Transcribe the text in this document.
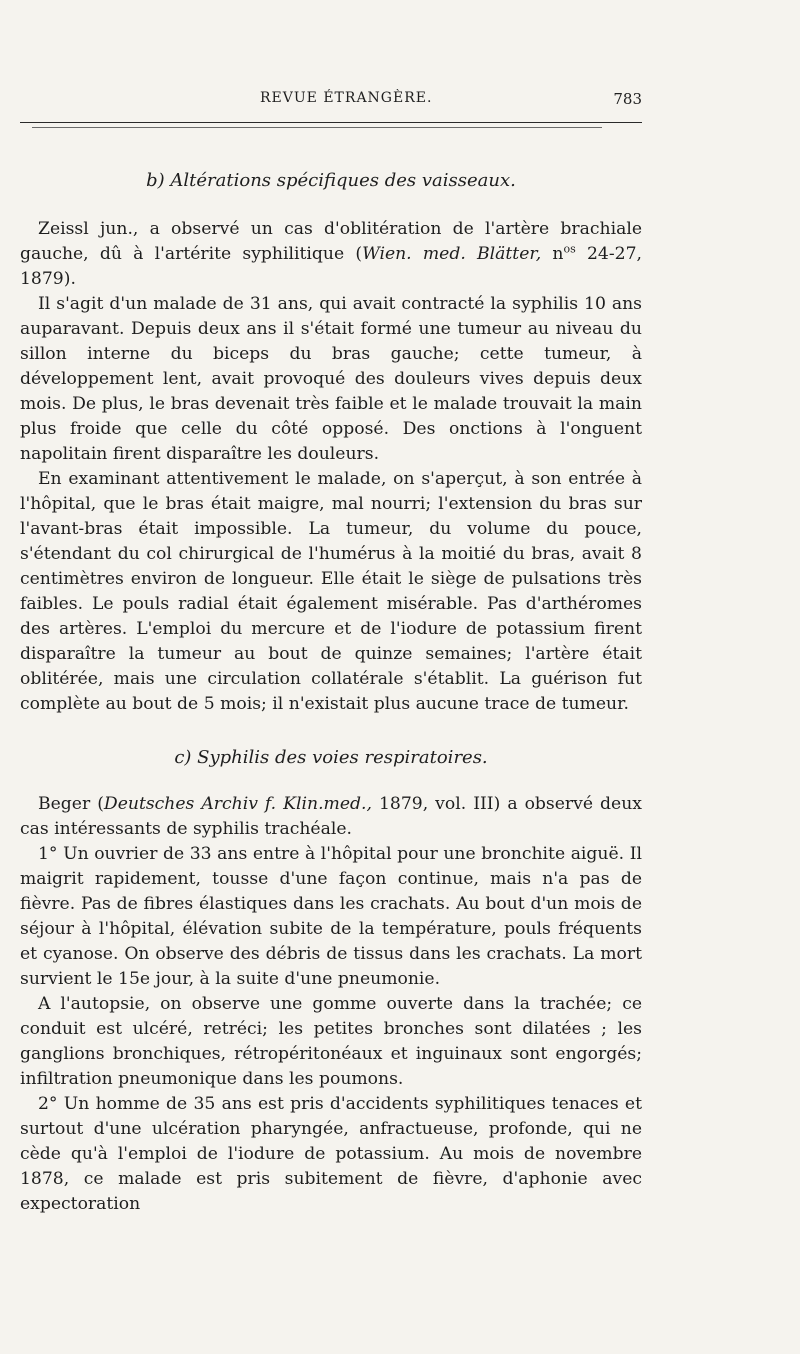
REVUE ÉTRANGÈRE.	783

b) Altérations spécifiques des vaisseaux.

Zeissl jun., a observé un cas d'oblitération de l'artère brachiale gauche, dû à l'artérite syphilitique (Wien. med. Blätter, $n^{os}$ 24-27, 1879).

Il s'agit d'un malade de 31 ans, qui avait contracté la syphilis 10 ans auparavant. Depuis deux ans il s'était formé une tumeur au niveau du sillon interne du biceps du bras gauche; cette tumeur, à développement lent, avait provoqué des douleurs vives depuis deux mois. De plus, le bras devenait très faible et le malade trouvait la main plus froide que celle du côté opposé. Des onctions à l'onguent napolitain firent disparaître les douleurs.

En examinant attentivement le malade, on s'aperçut, à son entrée à l'hôpital, que le bras était maigre, mal nourri; l'extension du bras sur l'avant-bras était impossible. La tumeur, du volume du pouce, s'étendant du col chirurgical de l'humérus à la moitié du bras, avait 8 centimètres environ de longueur. Elle était le siège de pulsations très faibles. Le pouls radial était également misérable. Pas d'arthéromes des artères. L'emploi du mercure et de l'iodure de potassium firent disparaître la tumeur au bout de quinze semaines; l'artère était oblitérée, mais une circulation collatérale s'établit. La guérison fut complète au bout de 5 mois; il n'existait plus aucune trace de tumeur.

c) Syphilis des voies respiratoires.

Beger (Deutsches Archiv f. Klin.med., 1879, vol. III) a observé deux cas intéressants de syphilis trachéale.

1° Un ouvrier de 33 ans entre à l'hôpital pour une bronchite aiguë. Il maigrit rapidement, tousse d'une façon continue, mais n'a pas de fièvre. Pas de fibres élastiques dans les crachats. Au bout d'un mois de séjour à l'hôpital, élévation subite de la température, pouls fréquents et cyanose. On observe des débris de tissus dans les crachats. La mort survient le 15e jour, à la suite d'une pneumonie.

A l'autopsie, on observe une gomme ouverte dans la trachée; ce conduit est ulcéré, retréci; les petites bronches sont dilatées ; les ganglions bronchiques, rétropéritonéaux et inguinaux sont engorgés; infiltration pneumonique dans les poumons.

2° Un homme de 35 ans est pris d'accidents syphilitiques tenaces et surtout d'une ulcération pharyngée, anfractueuse, profonde, qui ne cède qu'à l'emploi de l'iodure de potassium. Au mois de novembre 1878, ce malade est pris subitement de fièvre, d'aphonie avec expectoration
